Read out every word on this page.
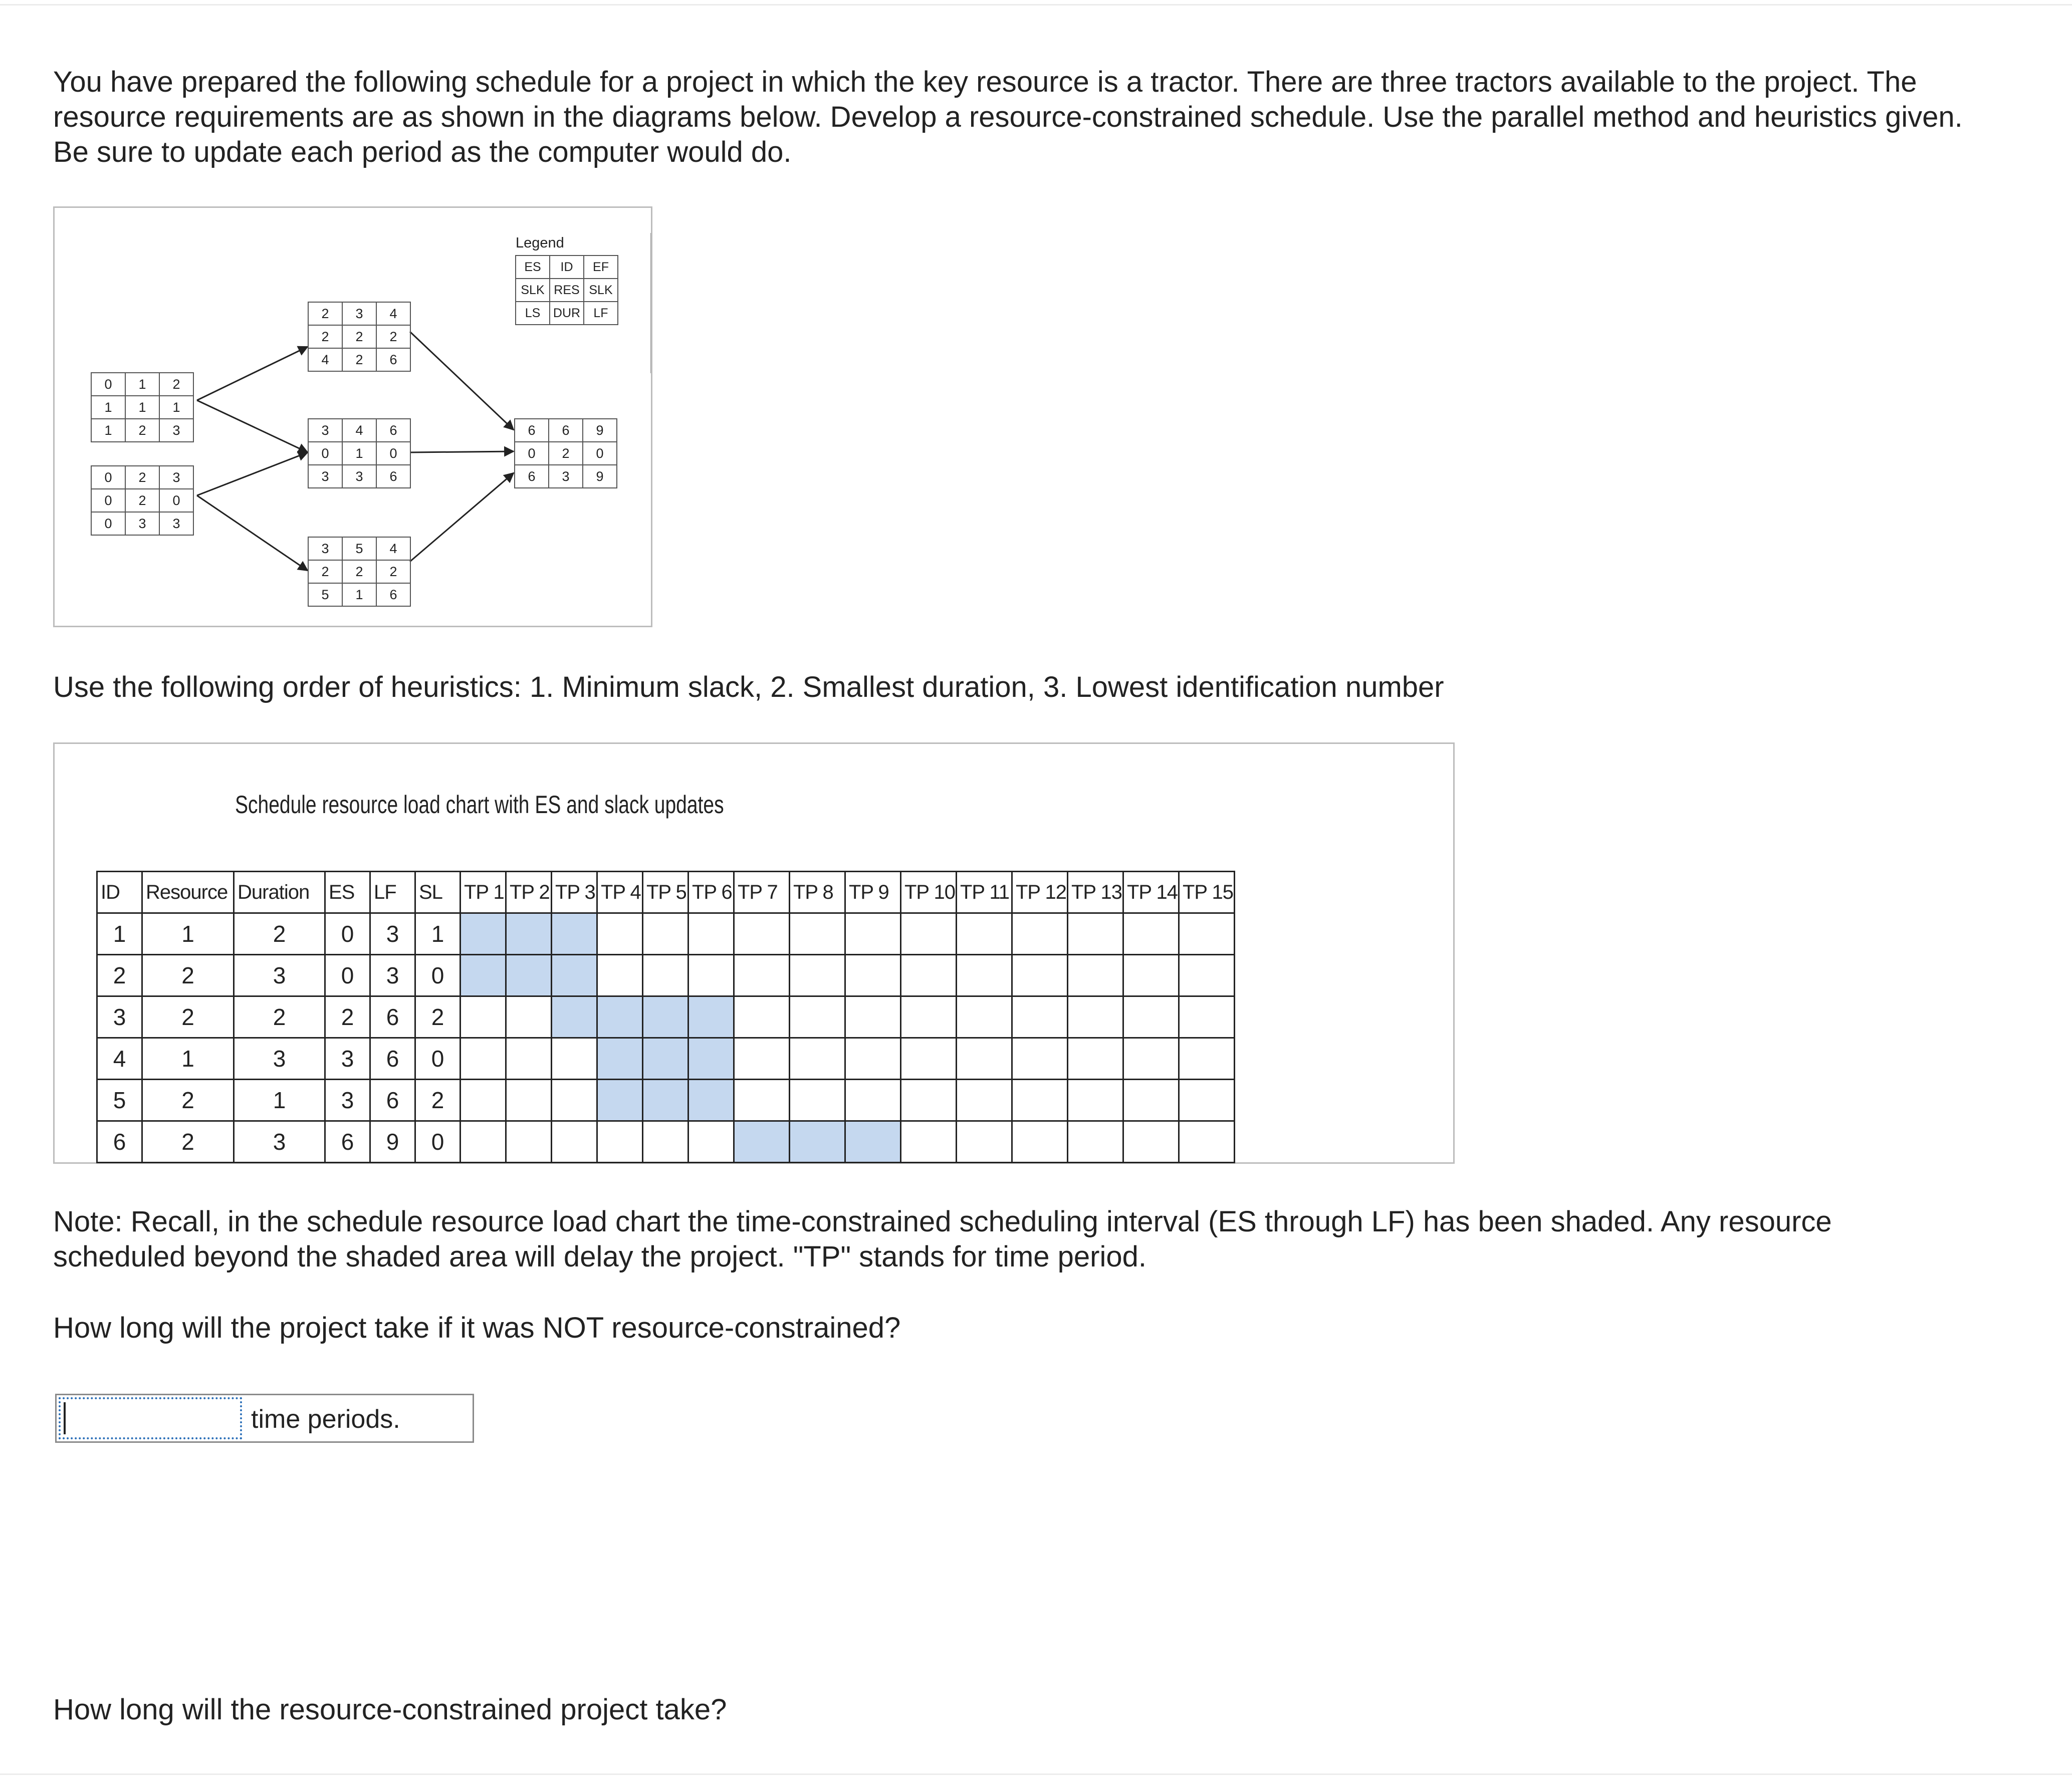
You have prepared the following schedule for a project in which the key resource is a tractor. There are three tractors available to the project. The resource requirements are as shown in the diagrams below. Develop a resource-constrained schedule. Use the parallel method and heuristics given. Be sure to update each period as the computer would do.

Legend
ES	ID	EF
SLK	RES	SLK
LS	DUR	LF
0	1	2
1	1	1
1	2	3
0	2	3
0	2	0
0	3	3
2	3	4
2	2	2
4	2	6
3	4	6
0	1	0
3	3	6
3	5	4
2	2	2
5	1	6
6	6	9
0	2	0
6	3	9

Use the following order of heuristics: 1. Minimum slack, 2. Smallest duration, 3. Lowest identification number

Schedule resource load chart with ES and slack updates
ID	Resource	Duration	ES	LF	SL	TP 1	TP 2	TP 3	TP 4	TP 5	TP 6	TP 7	TP 8	TP 9	TP 10	TP 11	TP 12	TP 13	TP 14	TP 15
1	1	2	0	3	1															
2	2	3	0	3	0															
3	2	2	2	6	2															
4	1	3	3	6	0															
5	2	1	3	6	2															
6	2	3	6	9	0															

Note: Recall, in the schedule resource load chart the time-constrained scheduling interval (ES through LF) has been shaded. Any resource scheduled beyond the shaded area will delay the project. "TP" stands for time period.

How long will the project take if it was NOT resource-constrained?

time periods.

How long will the resource-constrained project take?
